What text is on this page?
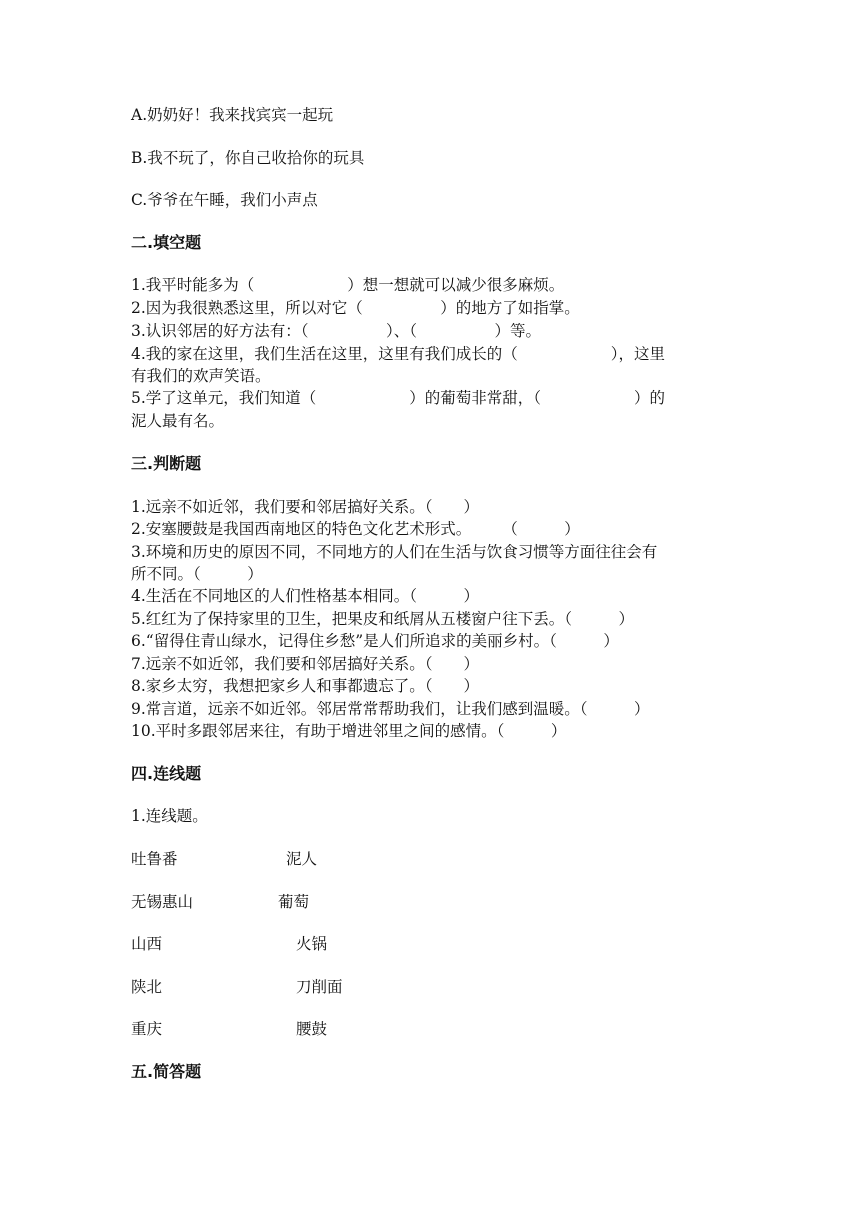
A.奶奶好！我来找宾宾一起玩
B.我不玩了，你自己收拾你的玩具
C.爷爷在午睡，我们小声点
二.填空题
1.我平时能多为（　　　　　　）想一想就可以减少很多麻烦。
2.因为我很熟悉这里，所以对它（　　　　　）的地方了如指掌。
3.认识邻居的好方法有：（　　　　　）、（　　　　　）等。
4.我的家在这里，我们生活在这里，这里有我们成长的（　　　　　　），这里
有我们的欢声笑语。
5.学了这单元，我们知道（　　　　　　）的葡萄非常甜，（　　　　　　）的
泥人最有名。
三.判断题
1.远亲不如近邻，我们要和邻居搞好关系。（　　）
2.安塞腰鼓是我国西南地区的特色文化艺术形式。　　　（　　　）
3.环境和历史的原因不同，不同地方的人们在生活与饮食习惯等方面往往会有
所不同。（　　　）
4.生活在不同地区的人们性格基本相同。（　　　）
5.红红为了保持家里的卫生，把果皮和纸屑从五楼窗户往下丢。（　　　）
6.“留得住青山绿水，记得住乡愁”是人们所追求的美丽乡村。（　　　）
7.远亲不如近邻，我们要和邻居搞好关系。（　　）
8.家乡太穷，我想把家乡人和事都遗忘了。（　　）
9.常言道，远亲不如近邻。邻居常常帮助我们，让我们感到温暖。（　　　）
10.平时多跟邻居来往，有助于增进邻里之间的感情。（　　　）
四.连线题
1.连线题。
吐鲁番	泥人
无锡惠山	葡萄
山西	火锅
陕北	刀削面
重庆	腰鼓
五.简答题
